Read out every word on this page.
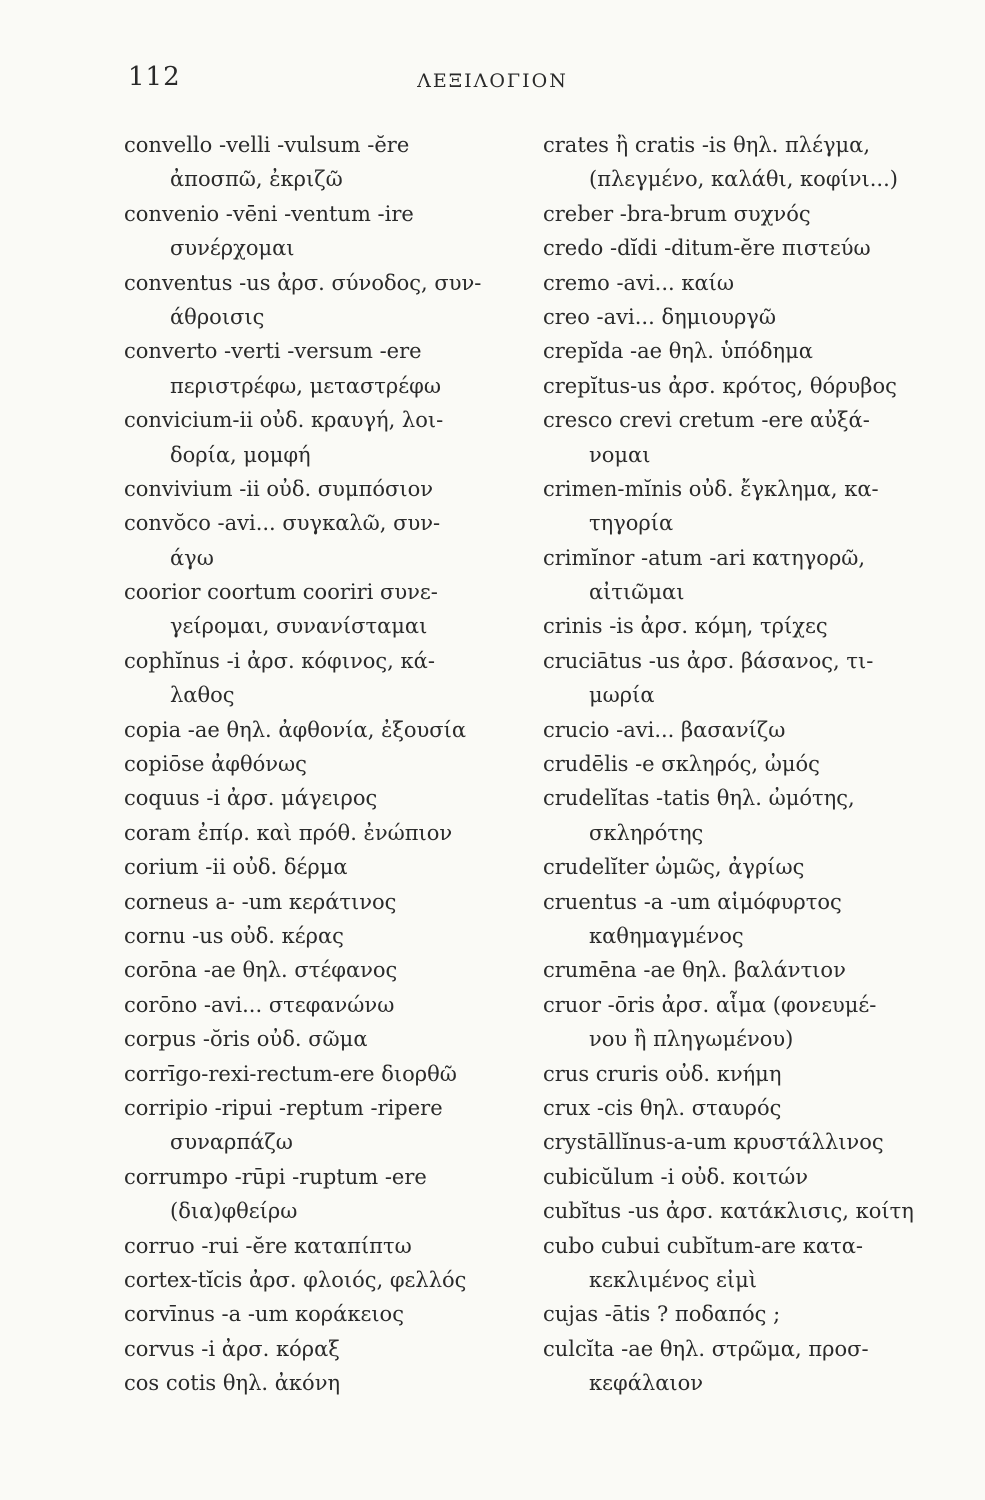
112	ΛΕΞΙΛΟΓΙΟΝ
convello -velli -vulsum -ĕre
ἀποσπῶ, ἐκριζῶ
convenio -vēni -ventum -ire
συνέρχομαι
conventus -us ἀρσ. σύνοδος, συν-
άθροισις
converto -verti -versum -ere
περιστρέφω, μεταστρέφω
convicium-ii οὐδ. κραυγή, λοι-
δορία, μομφή
convivium -ii οὐδ. συμπόσιον
convŏco -avi... συγκαλῶ, συν-
άγω
coorior coortum cooriri συνε-
γείρομαι, συνανίσταμαι
cophĭnus -i ἀρσ. κόφινος, κά-
λαθος
copia -ae θηλ. ἀφθονία, ἐξουσία
copiōse ἀφθόνως
coquus -i ἀρσ. μάγειρος
coram ἐπίρ. καὶ πρόθ. ἐνώπιον
corium -ii οὐδ. δέρμα
corneus a- -um κεράτινος
cornu -us οὐδ. κέρας
corōna -ae θηλ. στέφανος
corōno -avi... στεφανώνω
corpus -ŏris οὐδ. σῶμα
corrīgo-rexi-rectum-ere διορθῶ
corripio -ripui -reptum -ripere
συναρπάζω
corrumpo -rūpi -ruptum -ere
(δια)φθείρω
corruo -rui -ĕre καταπίπτω
cortex-tĭcis ἀρσ. φλοιός, φελλός
corvīnus -a -um κοράκειος
corvus -i ἀρσ. κόραξ
cos cotis θηλ. ἀκόνη
crates ἢ cratis -is θηλ. πλέγμα,
(πλεγμένο, καλάθι, κοφίνι...)
creber -bra-brum συχνός
credo -dĭdi -ditum-ĕre πιστεύω
cremo -avi... καίω
creo -avi... δημιουργῶ
crepĭda -ae θηλ. ὑπόδημα
crepĭtus-us ἀρσ. κρότος, θόρυβος
cresco crevi cretum -ere αὐξά-
νομαι
crimen-mĭnis οὐδ. ἔγκλημα, κα-
τηγορία
crimĭnor -atum -ari κατηγορῶ,
αἰτιῶμαι
crinis -is ἀρσ. κόμη, τρίχες
cruciātus -us ἀρσ. βάσανος, τι-
μωρία
crucio -avi... βασανίζω
crudēlis -e σκληρός, ὠμός
crudelĭtas -tatis θηλ. ὠμότης,
σκληρότης
crudelĭter ὠμῶς, ἀγρίως
cruentus -a -um αἱμόφυρτος
καθημαγμένος
crumēna -ae θηλ. βαλάντιον
cruor -ōris ἀρσ. αἷμα (φονευμέ-
νου ἢ πληγωμένου)
crus cruris οὐδ. κνήμη
crux -cis θηλ. σταυρός
crystāllĭnus-a-um κρυστάλλινος
cubicŭlum -i οὐδ. κοιτών
cubĭtus -us ἀρσ. κατάκλισις, κοίτη
cubo cubui cubĭtum-are κατα-
κεκλιμένος εἰμὶ
cujas -ātis ? ποδαπός ;
culcĭta -ae θηλ. στρῶμα, προσ-
κεφάλαιον
